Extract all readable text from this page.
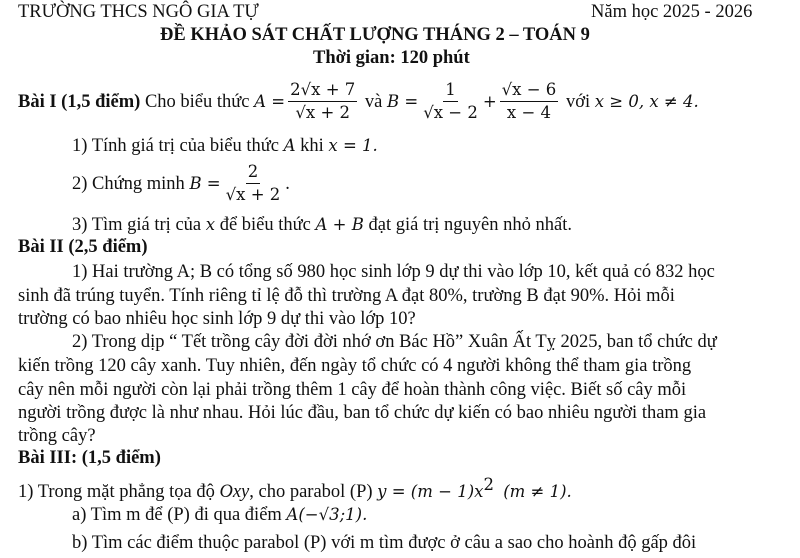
TRƯỜNG THCS NGÔ GIA TỰ	Năm học 2025 - 2026
ĐỀ KHẢO SÁT CHẤT LƯỢNG THÁNG 2 – TOÁN 9
Thời gian: 120 phút
Bài I (1,5 điểm)
Cho biểu thức
$A = \frac{2√x + 7}{√x + 2}$
và
$B = \frac{1}{√x - 2} + \frac{√x - 6}{x - 4}$
với
x ≥ 0, x ≠ 4.
1) Tính giá trị của biểu thức A khi x = 1.
2) Chứng minh
$B = \frac{2}{√x + 2}$ .
3) Tìm giá trị của x để biểu thức A + B đạt giá trị nguyên nhỏ nhất.
Bài II (2,5 điểm)
1) Hai trường A; B có tổng số 980 học sinh lớp 9 dự thi vào lớp 10, kết quả có 832 học
sinh đã trúng tuyển. Tính riêng tỉ lệ đỗ thì trường A đạt 80%, trường B đạt 90%. Hỏi mỗi
trường có bao nhiêu học sinh lớp 9 dự thi vào lớp 10?
2) Trong dịp “ Tết trồng cây đời đời nhớ ơn Bác Hồ” Xuân Ất Tỵ 2025, ban tổ chức dự
kiến trồng 120 cây xanh. Tuy nhiên, đến ngày tổ chức có 4 người không thể tham gia trồng
cây nên mỗi người còn lại phải trồng thêm 1 cây để hoàn thành công việc. Biết số cây mỗi
người trồng được là như nhau. Hỏi lúc đầu, ban tổ chức dự kiến có bao nhiêu người tham gia
trồng cây?
Bài III: (1,5 điểm)
1) Trong mặt phẳng tọa độ Oxy, cho parabol (P) $y = (m - 1)x^2$ (m ≠ 1).
a) Tìm m để (P) đi qua điểm A(−√3;1).
b) Tìm các điểm thuộc parabol (P) với m tìm được ở câu a sao cho hoành độ gấp đôi
